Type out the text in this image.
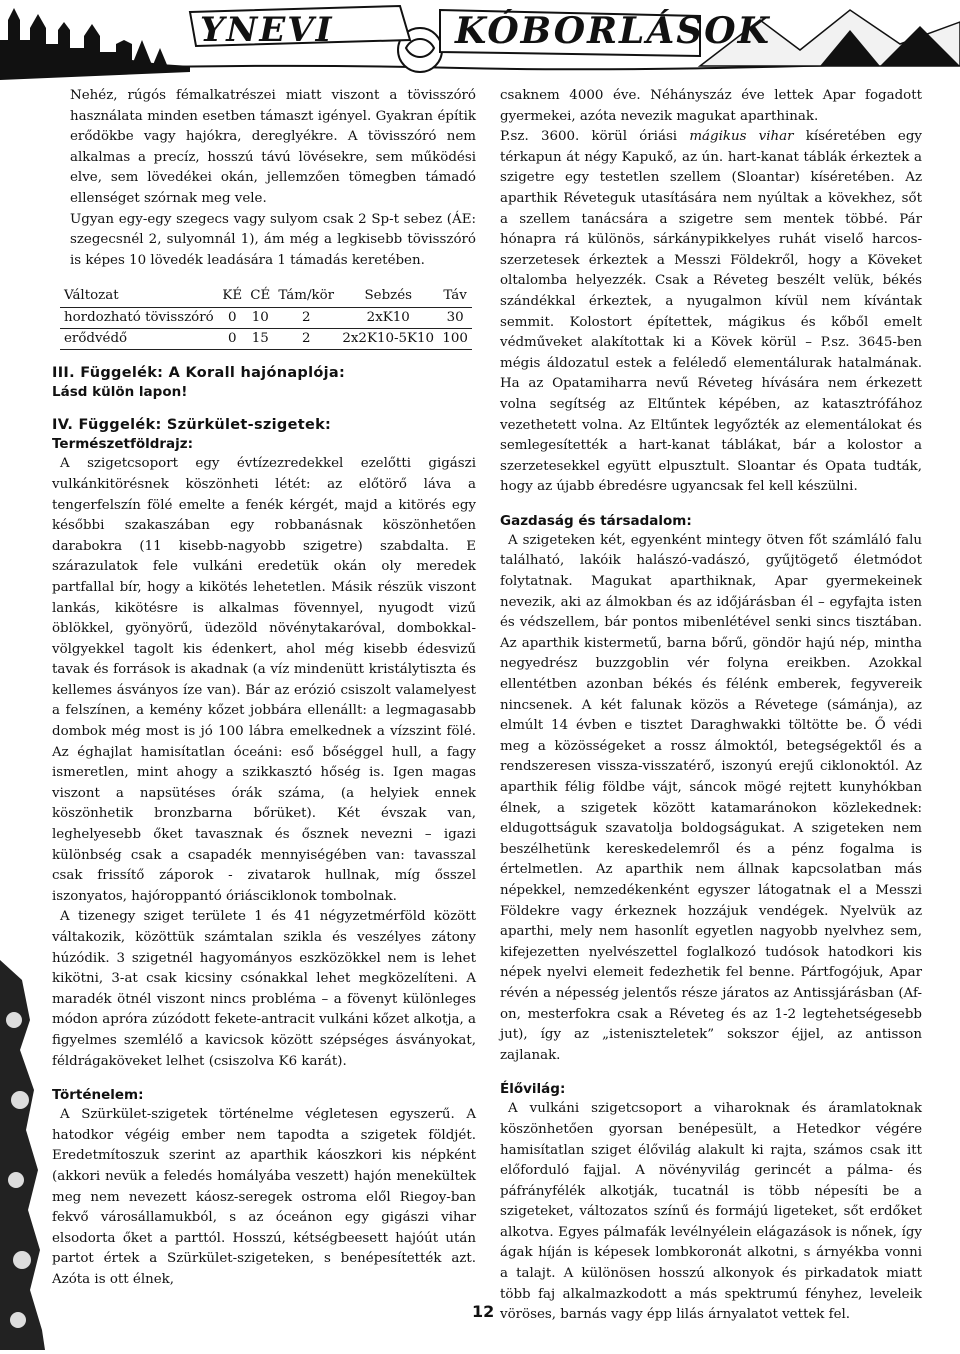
YNEVI	KÓBORLÁSOK

Nehéz, rúgós fémalkatrészei miatt viszont a tövisszóró használata minden esetben támaszt igényel. Gyakran építik erődökbe vagy hajókra, dereglyékre. A tövisszóró nem alkalmas a precíz, hosszú távú lövésekre, sem működési elve, sem lövedékei okán, jellemzően tömegben támadó ellenséget szórnak meg vele.

Ugyan egy-egy szegecs vagy sulyom csak 2 Sp-t sebez (ÁE: szegecsnél 2, sulyomnál 1), ám még a legkisebb tövisszóró is képes 10 lövedék leadására 1 támadás keretében.

Változat	KÉ	CÉ	Tám/kör	Sebzés	Táv
hordozható tövisszóró	0	10	2	2xK10	30
erődvédő	0	15	2	2x2K10-5K10	100
III. Függelék: A Korall hajónaplója:
Lásd külön lapon!
IV. Függelék: Szürkület-szigetek:
Természetföldrajz:

A szigetcsoport egy évtízezredekkel ezelőtti gigászi vulkánkitörésnek köszönheti létét: az előtörő láva a tengerfelszín fölé emelte a fenék kérgét, majd a kitörés egy későbbi szakaszában egy robbanásnak köszönhetően darabokra (11 kisebb-nagyobb szigetre) szabdalta. E szárazulatok fele vulkáni eredetük okán oly meredek partfallal bír, hogy a kikötés lehetetlen. Másik részük viszont lankás, kikötésre is alkalmas fövennyel, nyugodt vizű öblökkel, gyönyörű, üdezöld növénytakaróval, dombokkal-völgyekkel tagolt kis édenkert, ahol még kisebb édesvizű tavak és források is akadnak (a víz mindenütt kristálytiszta és kellemes ásványos íze van). Bár az erózió csiszolt valamelyest a felszínen, a kemény kőzet jobbára ellenállt: a legmagasabb dombok még most is jó 100 lábra emelkednek a vízszint fölé. Az éghajlat hamisítatlan óceáni: eső bőséggel hull, a fagy ismeretlen, mint ahogy a szikkasztó hőség is. Igen magas viszont a napsütéses órák száma, (a helyiek ennek köszönhetik bronzbarna bőrüket). Két évszak van, leghelyesebb őket tavasznak és ősznek nevezni – igazi különbség csak a csapadék mennyiségében van: tavasszal csak frissítő záporok - zivatarok hullnak, míg ősszel iszonyatos, hajóroppantó óriásciklonok tombolnak.

A tizenegy sziget területe 1 és 41 négyzetmérföld között váltakozik, közöttük számtalan szikla és veszélyes zátony húzódik. 3 szigetnél hagyományos eszközökkel nem is lehet kikötni, 3-at csak kicsiny csónakkal lehet megközelíteni. A maradék ötnél viszont nincs probléma – a fövenyt különleges módon apróra zúzódott fekete-antracit vulkáni kőzet alkotja, a figyelmes szemlélő a kavicsok között szépséges ásványokat, féldrágaköveket lelhet (csiszolva K6 karát).

Történelem:

A Szürkület-szigetek történelme végletesen egyszerű. A hatodkor végéig ember nem tapodta a szigetek földjét. Eredetmítoszuk szerint az aparthik káoszkori kis népként (akkori nevük a feledés homályába veszett) hajón menekültek meg nem nevezett káosz-seregek ostroma elől Riegoy-ban fekvő városállamukból, s az óceánon egy gigászi vihar elsodorta őket a parttól. Hosszú, kétségbeesett hajóút után partot értek a Szürkület-szigeteken, s benépesítették azt. Azóta is ott élnek,

csaknem 4000 éve. Néhányszáz éve lettek Apar fogadott gyermekei, azóta nevezik magukat aparthinak.

P.sz. 3600. körül óriási mágikus vihar kíséretében egy térkapun át négy Kapukő, az ún. hart-kanat táblák érkeztek a szigetre egy testetlen szellem (Sloantar) kíséretében. Az aparthik Réveteguk utasítására nem nyúltak a kövekhez, sőt a szellem tanácsára a szigetre sem mentek többé. Pár hónapra rá különös, sárkánypikkelyes ruhát viselő harcos-szerzetesek érkeztek a Messzi Földekről, hogy a Köveket oltalomba helyezzék. Csak a Réveteg beszélt velük, békés szándékkal érkeztek, a nyugalmon kívül nem kívántak semmit. Kolostort építettek, mágikus és kőből emelt védműveket alakítottak ki a Kövek körül – P.sz. 3645-ben mégis áldozatul estek a feléledő elementálurak hatalmának. Ha az Opatamiharra nevű Réveteg hívására nem érkezett volna segítség az Eltűntek képében, az katasztrófához vezethetett volna. Az Eltűntek legyőzték az elementálokat és semlegesítették a hart-kanat táblákat, bár a kolostor a szerzetesekkel együtt elpusztult. Sloantar és Opata tudták, hogy az újabb ébredésre ugyancsak fel kell készülni.

Gazdaság és társadalom:

A szigeteken két, egyenként mintegy ötven főt számláló falu található, lakóik halászó-vadászó, gyűjtögető életmódot folytatnak. Magukat aparthiknak, Apar gyermekeinek nevezik, aki az álmokban és az időjárásban él – egyfajta isten és védszellem, bár pontos mibenlétével senki sincs tisztában. Az aparthik kistermetű, barna bőrű, göndör hajú nép, mintha negyedrész buzzgoblin vér folyna ereikben. Azokkal ellentétben azonban békés és félénk emberek, fegyvereik nincsenek. A két falunak közös a Révetege (sámánja), az elmúlt 14 évben e tisztet Daraghwakki töltötte be. Ő védi meg a közösségeket a rossz álmoktól, betegségektől és a rendszeresen vissza-visszatérő, iszonyú erejű ciklonoktól. Az aparthik félig földbe vájt, sáncok mögé rejtett kunyhókban élnek, a szigetek között katamaránokon közlekednek: eldugottságuk szavatolja boldogságukat. A szigeteken nem beszélhetünk kereskedelemről és a pénz fogalma is értelmetlen. Az aparthik nem állnak kapcsolatban más népekkel, nemzedékenként egyszer látogatnak el a Messzi Földekre vagy érkeznek hozzájuk vendégek. Nyelvük az aparthi, mely nem hasonlít egyetlen nagyobb nyelvhez sem, kifejezetten nyelvészettel foglalkozó tudósok hatodkori kis népek nyelvi elemeit fedezhetik fel benne. Pártfogójuk, Apar révén a népesség jelentős része járatos az Antissjárásban (Af-on, mesterfokra csak a Réveteg és az 1-2 legtehetségesebb jut), így az „isteniszteletek” sokszor éjjel, az antisson zajlanak.

Élővilág:

A vulkáni szigetcsoport a viharoknak és áramlatoknak köszönhetően gyorsan benépesült, a Hetedkor végére hamisítatlan sziget élővilág alakult ki rajta, számos csak itt előforduló fajjal. A növényvilág gerincét a pálma- és páfrányfélék alkotják, tucatnál is több népesíti be a szigeteket, változatos színű és formájú ligeteket, sőt erdőket alkotva. Egyes pálmafák levélnyélein elágazások is nőnek, így ágak híján is képesek lombkoronát alkotni, s árnyékba vonni a talajt. A különösen hosszú alkonyok és pirkadatok miatt több faj alkalmazkodott a más spektrumú fényhez, leveleik vöröses, barnás vagy épp lilás árnyalatot vettek fel.

12
